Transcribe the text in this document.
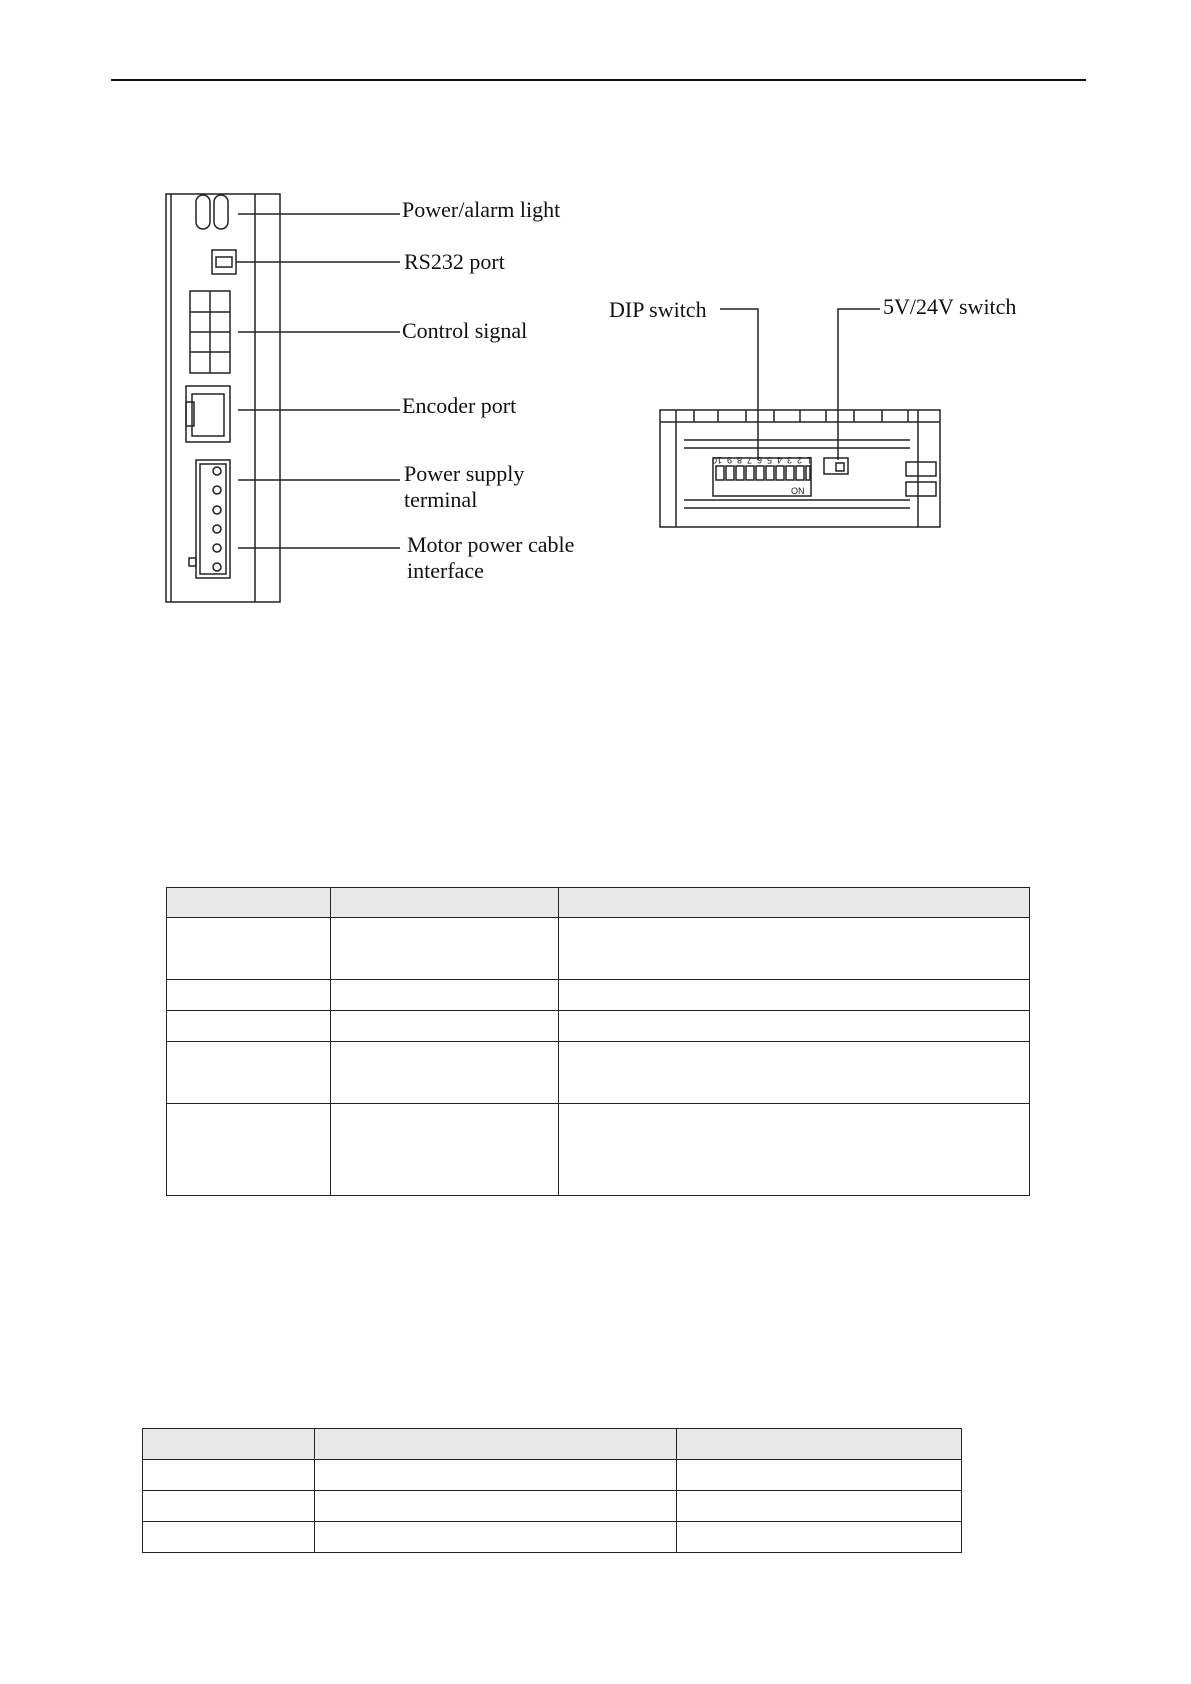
ON
1
2
3
4
5
6
7
8
9
10
Power/alarm light
RS232 port
Control signal
Encoder port
Power supply
terminal
Motor power cable
interface
DIP switch	5V/24V switch
